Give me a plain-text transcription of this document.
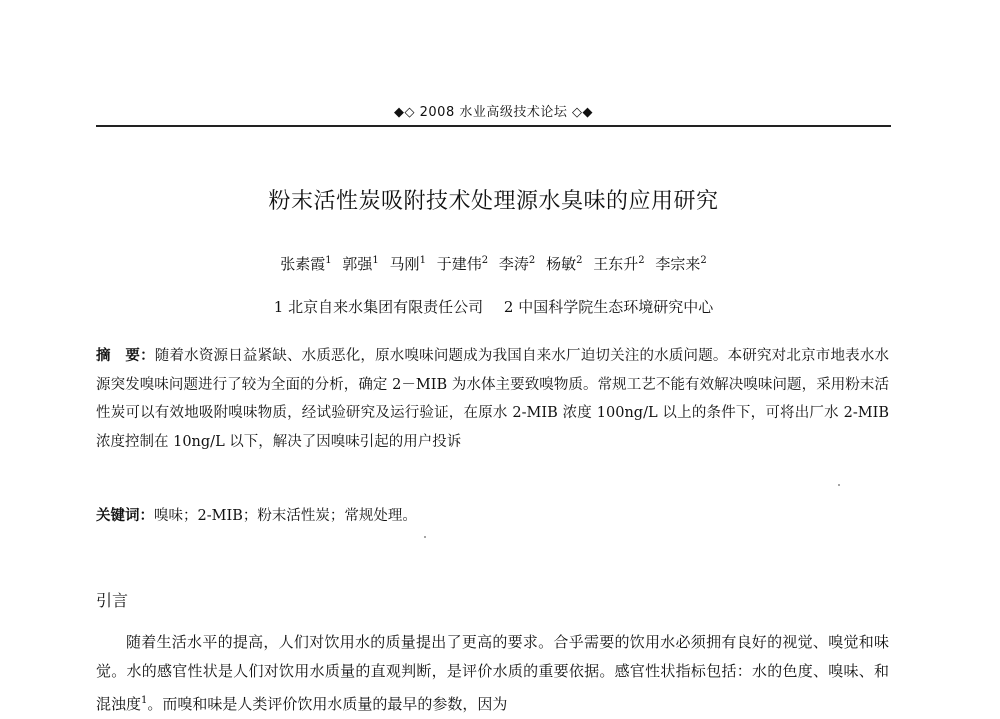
◆◇ 2008 水业高级技术论坛 ◇◆
粉末活性炭吸附技术处理源水臭味的应用研究
张素霞$^1$ 郭强$^1$ 马刚$^1$ 于建伟$^2$ 李涛$^2$ 杨敏$^2$ 王东升$^2$ 李宗来$^2$
1 北京自来水集团有限责任公司 2 中国科学院生态环境研究中心
摘　要：随着水资源日益紧缺、水质恶化，原水嗅味问题成为我国自来水厂迫切关注的水质问题。本研究对北京市地表水水源突发嗅味问题进行了较为全面的分析，确定 2－MIB 为水体主要致嗅物质。常规工艺不能有效解决嗅味问题，采用粉末活性炭可以有效地吸附嗅味物质，经试验研究及运行验证，在原水 2-MIB 浓度 100ng/L 以上的条件下，可将出厂水 2-MIB 浓度控制在 10ng/L 以下，解决了因嗅味引起的用户投诉
关键词：嗅味；2-MIB；粉末活性炭；常规处理。
引言
随着生活水平的提高，人们对饮用水的质量提出了更高的要求。合乎需要的饮用水必须拥有良好的视觉、嗅觉和味觉。水的感官性状是人们对饮用水质量的直观判断，是评价水质的重要依据。感官性状指标包括：水的色度、嗅味、和混浊度$^1$。而嗅和味是人类评价饮用水质量的最早的参数，因为
